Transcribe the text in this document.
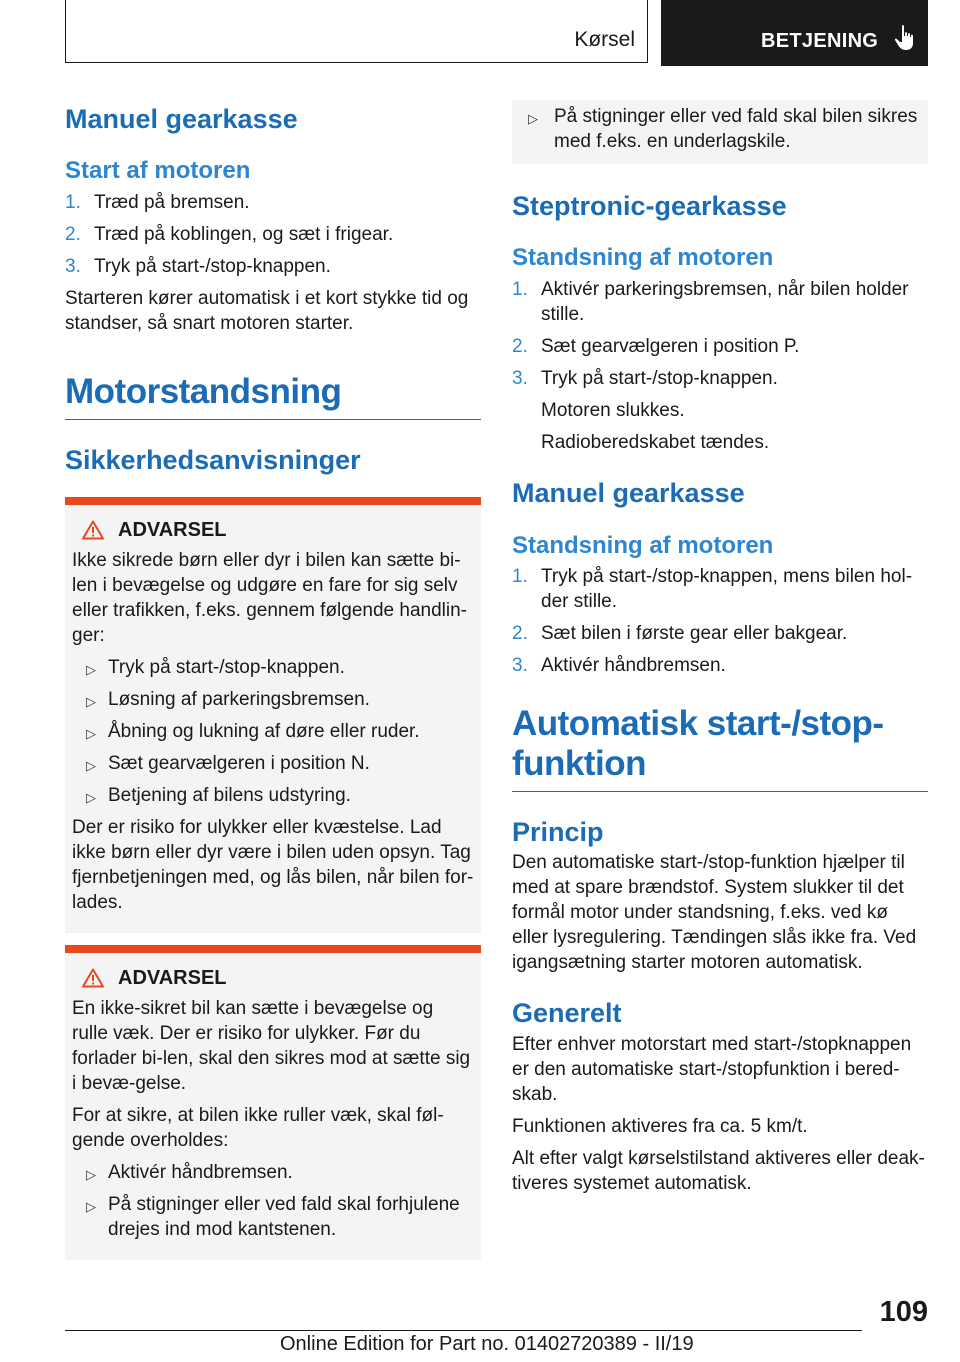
Kørsel	BETJENING
Manuel gearkasse
Start af motoren
1. Træd på bremsen.
2. Træd på koblingen, og sæt i frigear.
3. Tryk på start-/stop-knappen.

Starteren kører automatisk i et kort stykke tid og standser, så snart motoren starter.

Motorstandsning
Sikkerhedsanvisninger
ADVARSEL

Ikke sikrede børn eller dyr i bilen kan sætte bi-len i bevægelse og udgøre en fare for sig selv eller trafikken, f.eks. gennem følgende handlin-ger:

▷ Tryk på start-/stop-knappen.
▷ Løsning af parkeringsbremsen.
▷ Åbning og lukning af døre eller ruder.
▷ Sæt gearvælgeren i position N.
▷ Betjening af bilens udstyring.

Der er risiko for ulykker eller kvæstelse. Lad ikke børn eller dyr være i bilen uden opsyn. Tag fjernbetjeningen med, og lås bilen, når bilen for-lades.

ADVARSEL

En ikke-sikret bil kan sætte i bevægelse og rulle væk. Der er risiko for ulykker. Før du forlader bi-len, skal den sikres mod at sætte sig i bevæ-gelse.

For at sikre, at bilen ikke ruller væk, skal føl-gende overholdes:

▷ Aktivér håndbremsen.
▷ På stigninger eller ved fald skal forhjulene drejes ind mod kantstenen.
▷ På stigninger eller ved fald skal bilen sikres med f.eks. en underlagskile.
Steptronic-gearkasse
Standsning af motoren
1. Aktivér parkeringsbremsen, når bilen holder stille.
2. Sæt gearvælgeren i position P.
3. Tryk på start-/stop-knappen.
Motoren slukkes.
Radioberedskabet tændes.
Manuel gearkasse
Standsning af motoren
1. Tryk på start-/stop-knappen, mens bilen hol-der stille.
2. Sæt bilen i første gear eller bakgear.
3. Aktivér håndbremsen.
Automatisk start-/stop-funktion
Princip

Den automatiske start-/stop-funktion hjælper til med at spare brændstof. System slukker til det formål motor under standsning, f.eks. ved kø eller lysregulering. Tændingen slås ikke fra. Ved igangsætning starter motoren automatisk.

Generelt

Efter enhver motorstart med start-/stopknappen er den automatiske start-/stopfunktion i bered-skab.

Funktionen aktiveres fra ca. 5 km/t.

Alt efter valgt kørselstilstand aktiveres eller deak-tiveres systemet automatisk.

109
Online Edition for Part no. 01402720389 - II/19
